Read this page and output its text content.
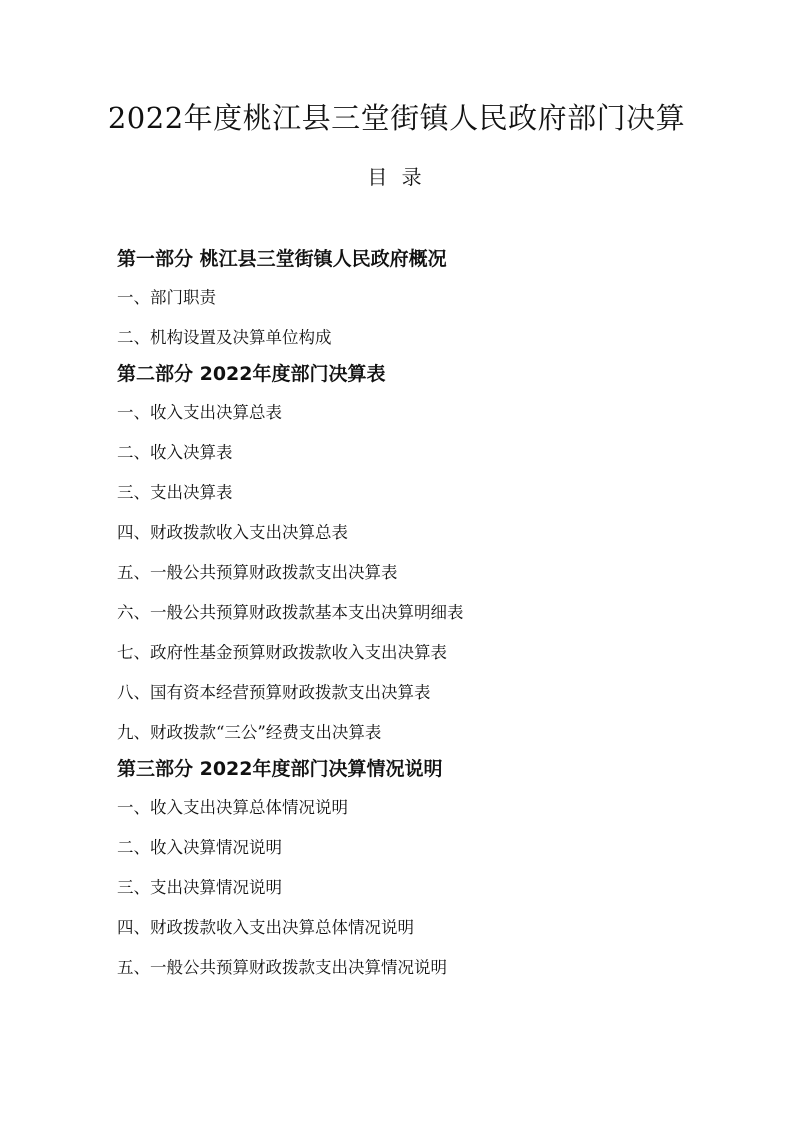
2022年度桃江县三堂街镇人民政府部门决算
目 录
第一部分 桃江县三堂街镇人民政府概况
一、部门职责
二、机构设置及决算单位构成
第二部分 2022年度部门决算表
一、收入支出决算总表
二、收入决算表
三、支出决算表
四、财政拨款收入支出决算总表
五、一般公共预算财政拨款支出决算表
六、一般公共预算财政拨款基本支出决算明细表
七、政府性基金预算财政拨款收入支出决算表
八、国有资本经营预算财政拨款支出决算表
九、财政拨款“三公”经费支出决算表
第三部分 2022年度部门决算情况说明
一、收入支出决算总体情况说明
二、收入决算情况说明
三、支出决算情况说明
四、财政拨款收入支出决算总体情况说明
五、一般公共预算财政拨款支出决算情况说明
